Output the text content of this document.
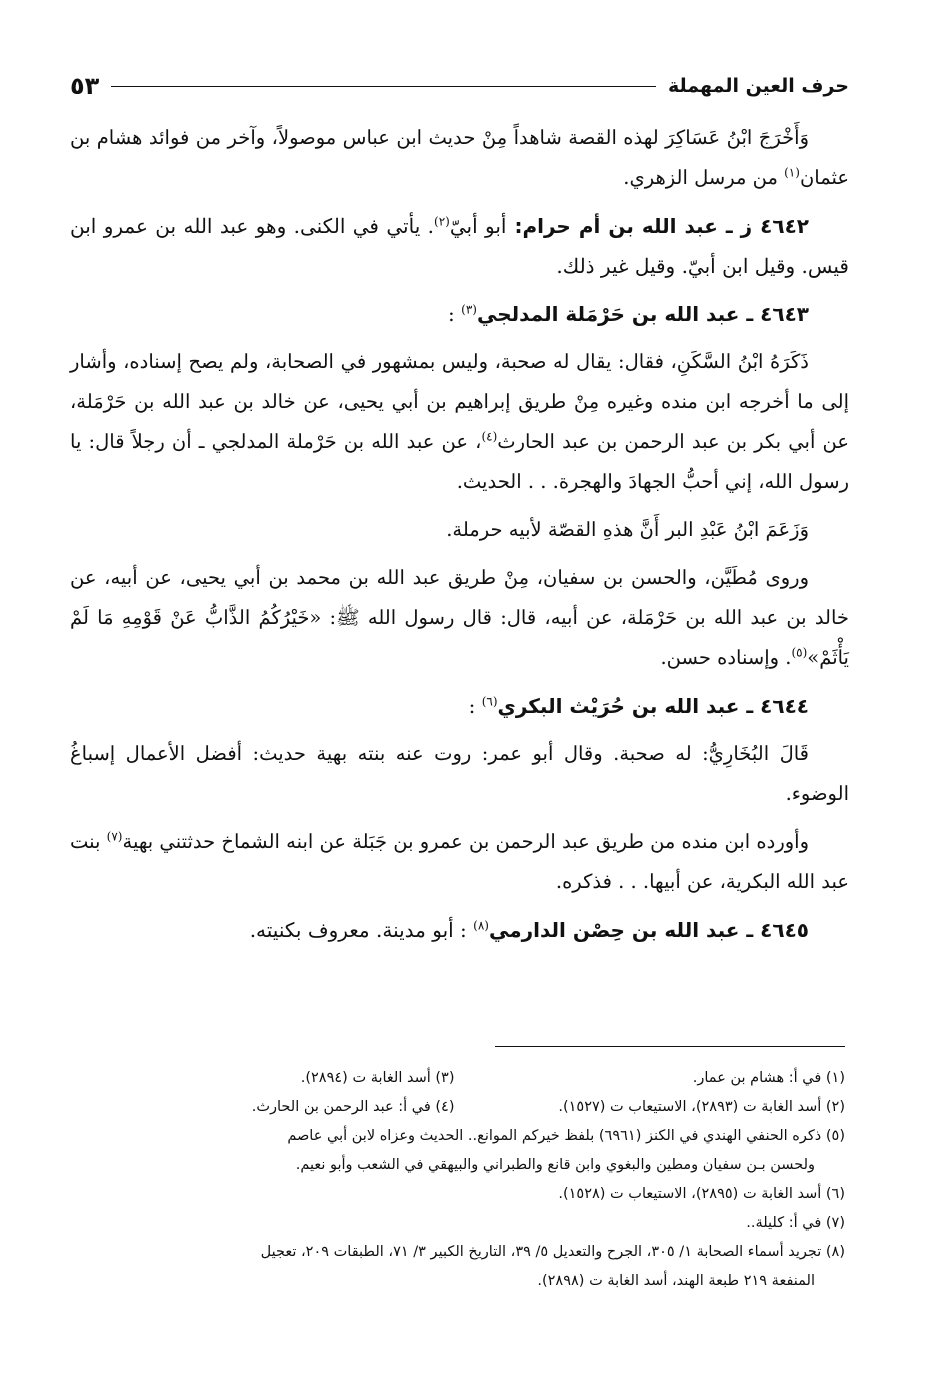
حرف العين المهملة
٥٣

وَأَخْرَجَ ابْنُ عَسَاكِرَ لهذه القصة شاهداً مِنْ حديث ابن عباس موصولاً، وآخر من فوائد هشام بن عثمان$^{(١)}$ من مرسل الزهري.

٤٦٤٢ ز ـ عبد الله بن أم حرام: أبو أبيّ$^{(٢)}$. يأتي في الكنى. وهو عبد الله بن عمرو ابن قيس. وقيل ابن أبيّ. وقيل غير ذلك.

٤٦٤٣ ـ عبد الله بن حَرْمَلة المدلجي$^{(٣)}$ :

ذَكَرَهُ ابْنُ السَّكَنِ، فقال: يقال له صحبة، وليس بمشهور في الصحابة، ولم يصح إسناده، وأشار إلى ما أخرجه ابن منده وغيره مِنْ طريق إبراهيم بن أبي يحيى، عن خالد بن عبد الله بن حَرْمَلة، عن أبي بكر بن عبد الرحمن بن عبد الحارث$^{(٤)}$، عن عبد الله بن حَرْملة المدلجي ـ أن رجلاً قال: يا رسول الله، إني أحبُّ الجهادَ والهجرة. . . الحديث.

وَزَعَمَ ابْنُ عَبْدِ البر أَنَّ هذهِ القصّة لأبيه حرملة.

وروى مُطَيَّن، والحسن بن سفيان، مِنْ طريق عبد الله بن محمد بن أبي يحيى، عن أبيه، عن خالد بن عبد الله بن حَرْمَلة، عن أبيه، قال: قال رسول الله ﷺ: «خَيْرُكُمُ الذَّابُّ عَنْ قَوْمِهِ مَا لَمْ يَأْثَمْ»$^{(٥)}$. وإسناده حسن.

٤٦٤٤ ـ عبد الله بن حُرَيْث البكري$^{(٦)}$ :

قَالَ البُخَارِيُّ: له صحبة. وقال أبو عمر: روت عنه بنته بهية حديث: أفضل الأعمال إسباغُ الوضوء.

وأورده ابن منده من طريق عبد الرحمن بن عمرو بن جَبَلة عن ابنه الشماخ حدثتني بهية$^{(٧)}$ بنت عبد الله البكرية، عن أبيها. . . فذكره.

٤٦٤٥ ـ عبد الله بن حِصْن الدارمي$^{(٨)}$ : أبو مدينة. معروف بكنيته.

(١) في أ: هشام بن عمار.
(٣) أسد الغابة ت (٢٨٩٤).
(٢) أسد الغابة ت (٢٨٩٣)، الاستيعاب ت (١٥٢٧).
(٤) في أ: عبد الرحمن بن الحارث.

(٥) ذكره الحنفي الهندي في الكنز (٦٩٦١) بلفظ خيركم الموانع.. الحديث وعزاه لابن أبي عاصم

ولحسن بـن سفيان ومطين والبغوي وابن قانع والطبراني والبيهقي في الشعب وأبو نعيم.

(٦) أسد الغابة ت (٢٨٩٥)، الاستيعاب ت (١٥٢٨).

(٧) في أ: كليلة..

(٨) تجريد أسماء الصحابة ١/ ٣٠٥، الجرح والتعديل ٥/ ٣٩، التاريخ الكبير ٣/ ٧١، الطبقات ٢٠٩، تعجيل

المنفعة ٢١٩ طبعة الهند، أسد الغابة ت (٢٨٩٨).
